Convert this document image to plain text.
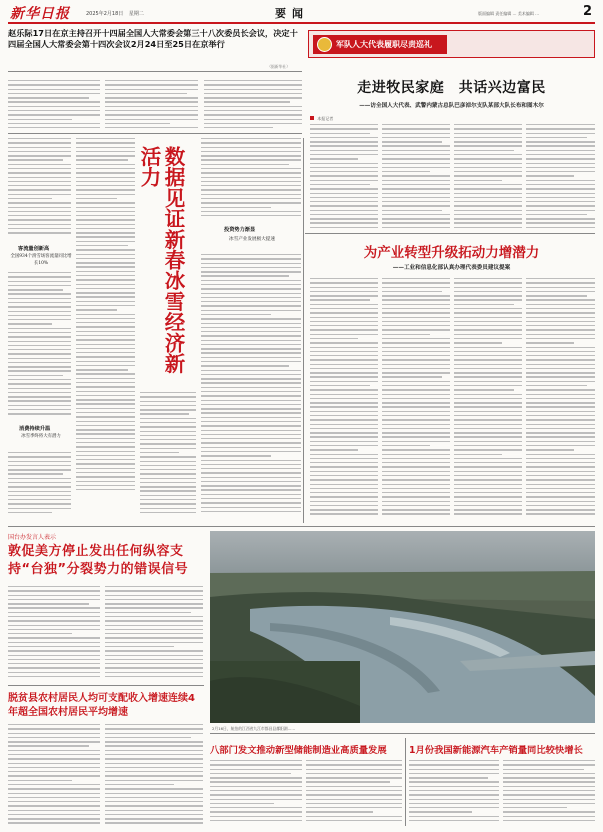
新华日报	2025年2月18日 星期二	要闻	版面编辑 责任编辑 … 美术编辑 …	2
赵乐际17日在京主持召开十四届全国人大常委会第三十八次委员长会议，决定十四届全国人大常委会第十四次会议2月24日至25日在京举行
（据新华社）
军队人大代表履职尽责巡礼
走进牧民家庭　共话兴边富民
——访全国人大代表、武警内蒙古总队巴彦淖尔支队某部大队长布和图木尔
本报记者　　　　　
客流量创新高
全国934个滑雪场客流量同比增长10%
消费持续升温
冰雪季终将大有潜力
数据见证新春冰雪经济新活力
投资势力渐显
冰雪产业发展极大提速
为产业转型升级拓动力增潜力
——工业和信息化部认真办理代表委员建议提案
国台办发言人表示
敦促美方停止发出任何纵容支持“台独”分裂势力的错误信号
脱贫县农村居民人均可支配收入增速连续4年超全国农村居民平均增速
2月16日，航拍的江西省九江市都昌县鄱阳湖……
八部门发文推动新型储能制造业高质量发展	1月份我国新能源汽车产销量同比较快增长
